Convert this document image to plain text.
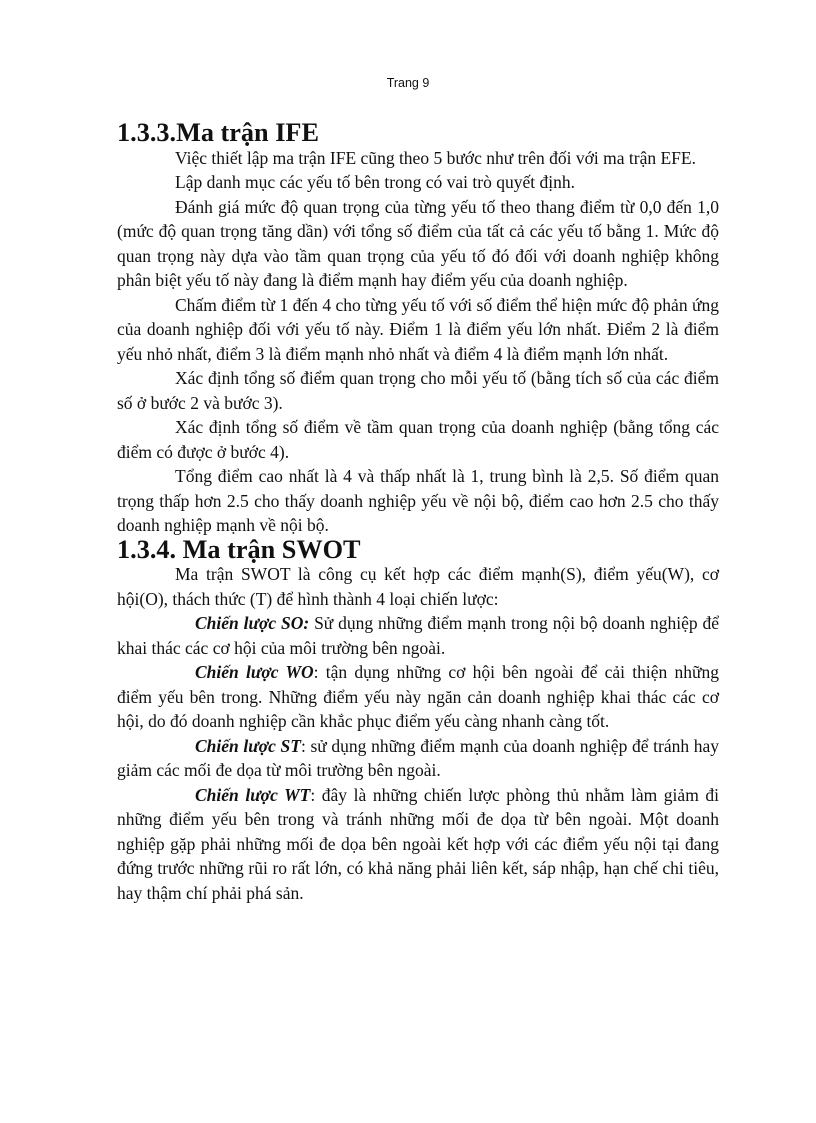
Trang 9

1.3.3.Ma trận IFE

Việc thiết lập ma trận IFE cũng theo 5 bước như trên đối với ma trận EFE.

Lập danh mục các yếu tố bên trong có vai trò quyết định.

Đánh giá mức độ quan trọng của từng yếu tố theo thang điểm từ 0,0 đến 1,0 (mức độ quan trọng tăng dần) với tổng số điểm của tất cả các yếu tố bằng 1. Mức độ quan trọng này dựa vào tầm quan trọng của yếu tố đó đối với doanh nghiệp không phân biệt yếu tố này đang là điểm mạnh hay điểm yếu của doanh nghiệp.

Chấm điểm từ 1 đến 4 cho từng yếu tố với số điểm thể hiện mức độ phản ứng của doanh nghiệp đối với yếu tố này. Điểm 1 là điểm yếu lớn nhất. Điểm 2 là điểm yếu nhỏ nhất, điểm 3 là điểm mạnh nhỏ nhất và điểm 4 là điểm mạnh lớn nhất.

Xác định tổng số điểm quan trọng cho mỗi yếu tố (bằng tích số của các điểm số ở bước 2 và bước 3).

Xác định tổng số điểm về tầm quan trọng của doanh nghiệp (bằng tổng các điểm có được ở bước 4).

Tổng điểm cao nhất là 4 và thấp nhất là 1, trung bình là 2,5. Số điểm quan trọng thấp hơn 2.5 cho thấy doanh nghiệp yếu về nội bộ, điểm cao hơn 2.5 cho thấy doanh nghiệp mạnh về nội bộ.

1.3.4. Ma trận SWOT

Ma trận SWOT là công cụ kết hợp các điểm mạnh(S), điểm yếu(W), cơ hội(O), thách thức (T) để hình thành 4 loại chiến lược:

Chiến lược SO: Sử dụng những điểm mạnh trong nội bộ doanh nghiệp để khai thác các cơ hội của môi trường bên ngoài.

Chiến lược WO: tận dụng những cơ hội bên ngoài để cải thiện những điểm yếu bên trong. Những điểm yếu này ngăn cản doanh nghiệp khai thác các cơ hội, do đó doanh nghiệp cần khắc phục điểm yếu càng nhanh càng tốt.

Chiến lược ST: sử dụng những điểm mạnh của doanh nghiệp để tránh hay giảm các mối đe dọa từ môi trường bên ngoài.

Chiến lược WT: đây là những chiến lược phòng thủ nhằm làm giảm đi những điểm yếu bên trong và tránh những mối đe dọa từ bên ngoài. Một doanh nghiệp gặp phải những mối đe dọa bên ngoài kết hợp với các điểm yếu nội tại đang đứng trước những rũi ro rất lớn, có khả năng phải liên kết, sáp nhập, hạn chế chi tiêu, hay thậm chí phải phá sản.
